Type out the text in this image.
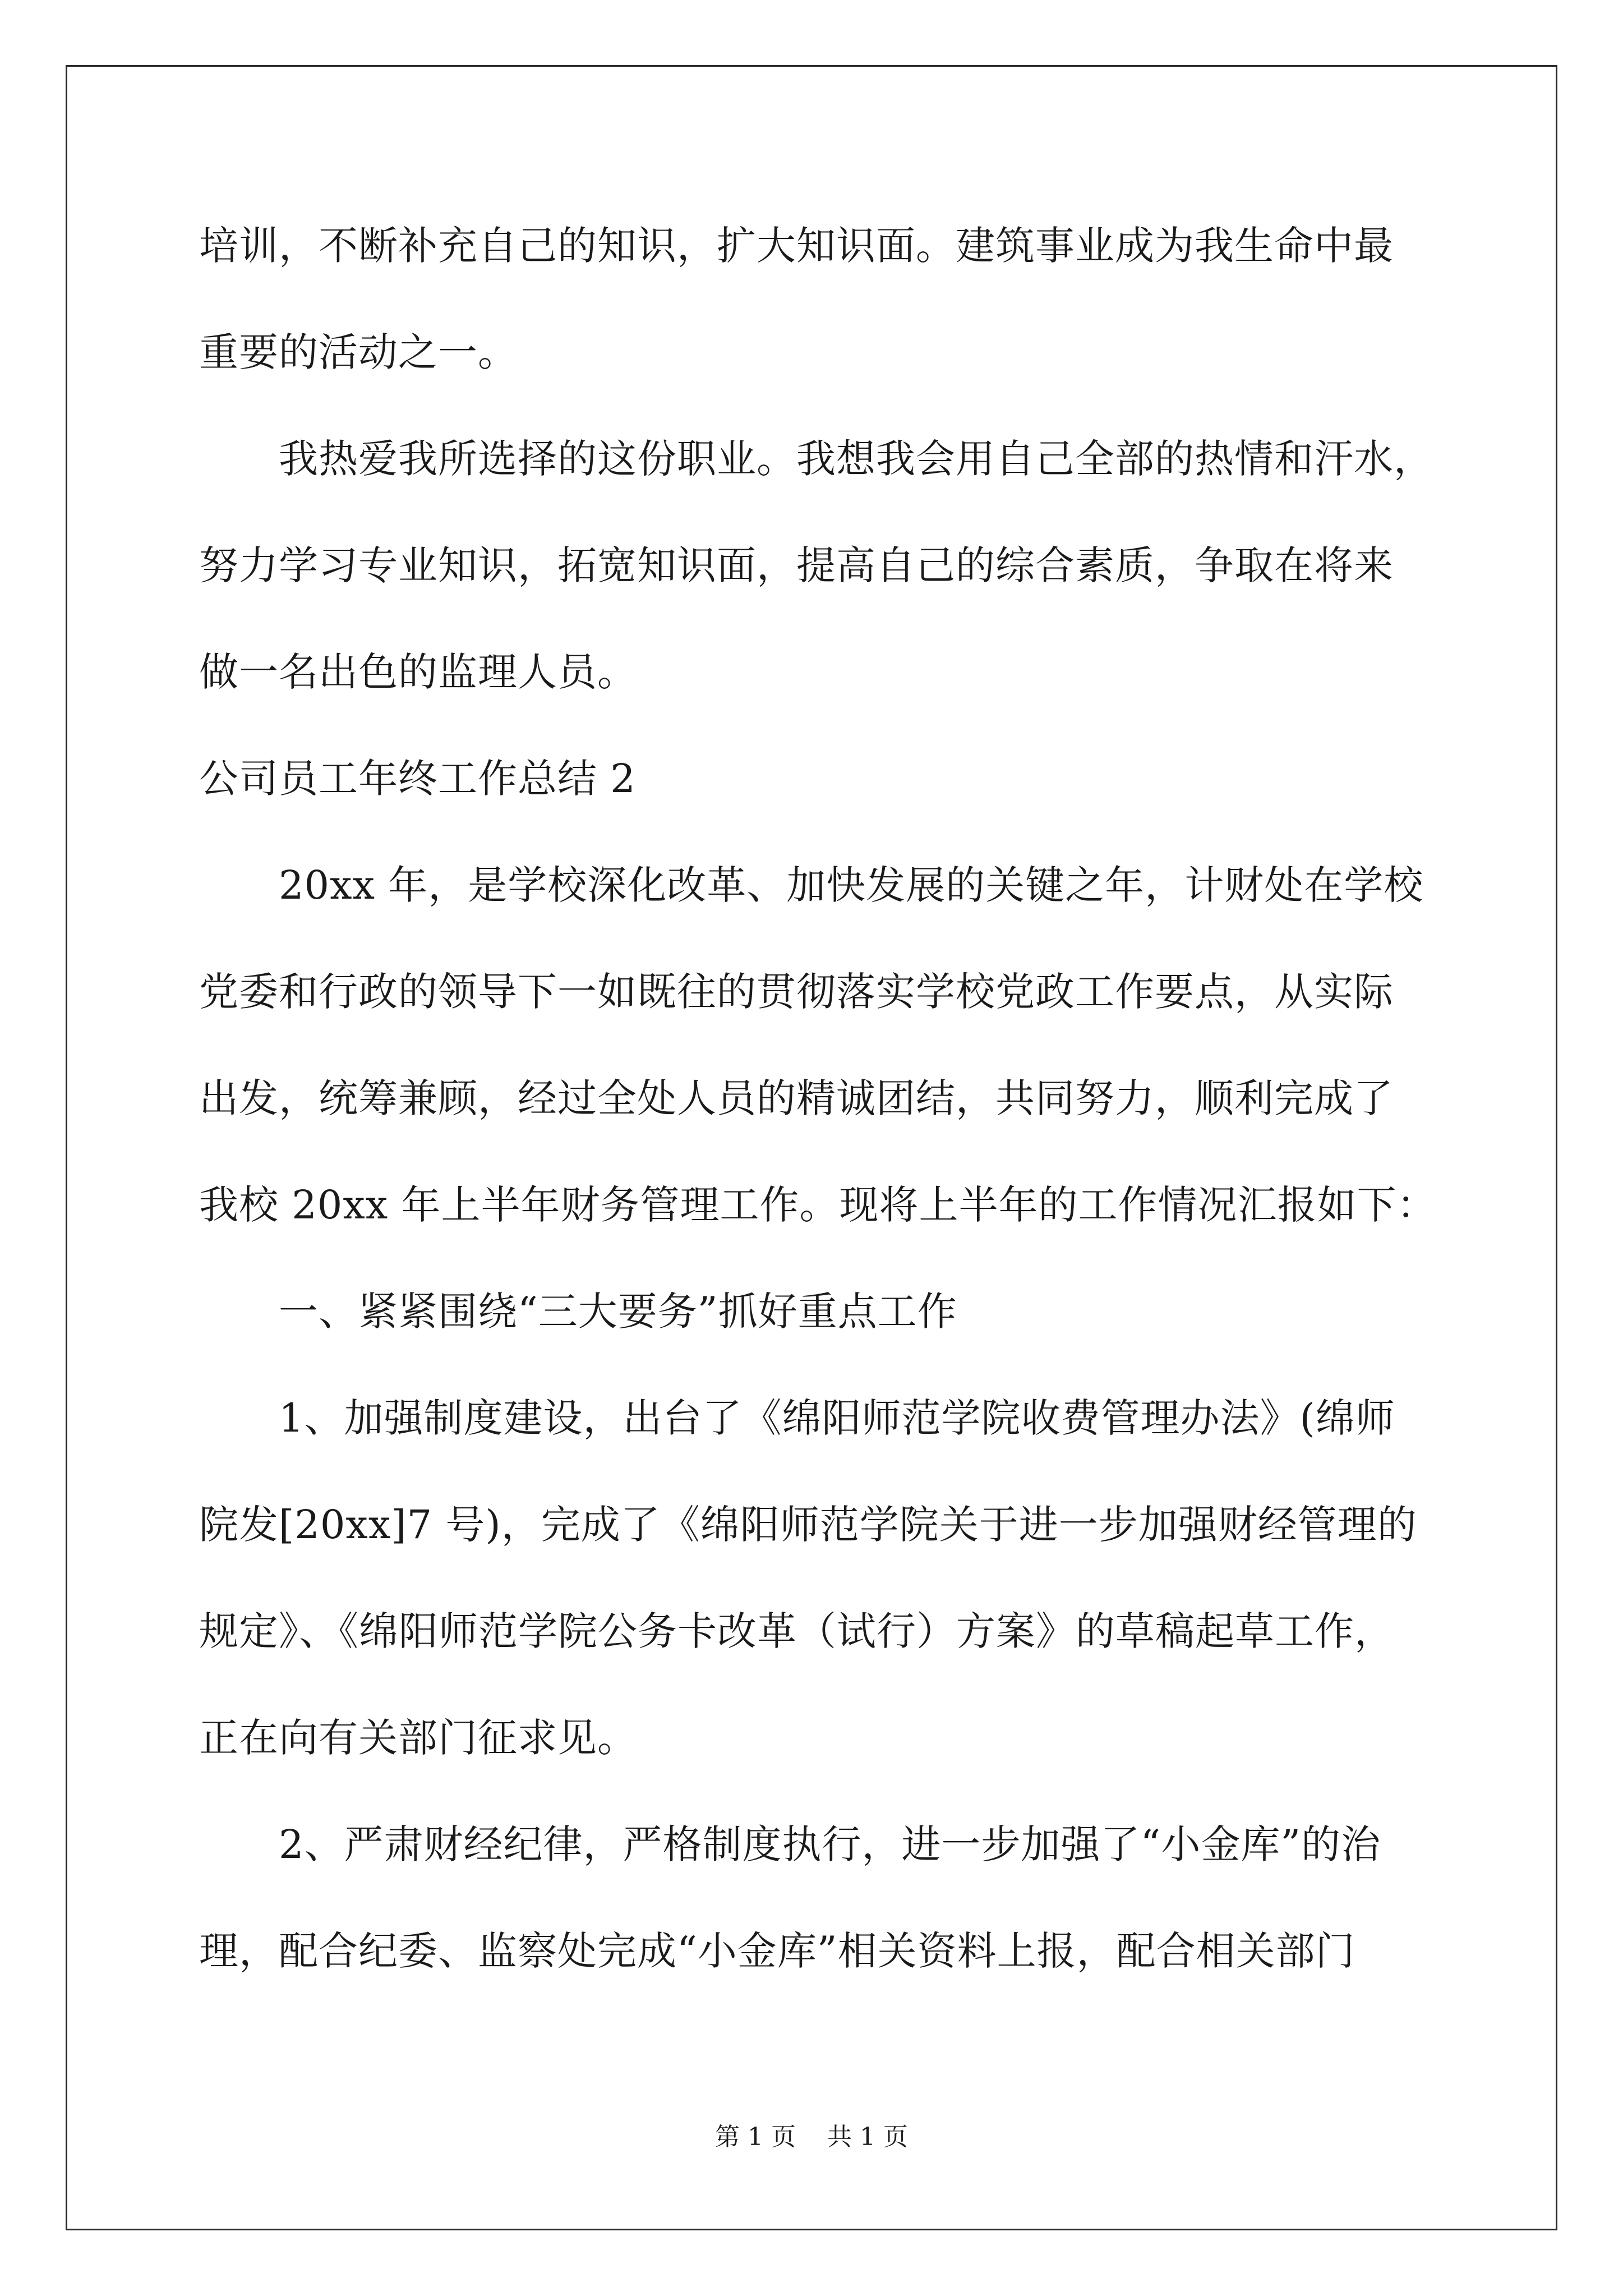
培训，不断补充自己的知识，扩大知识面。建筑事业成为我生命中最
重要的活动之一。
我热爱我所选择的这份职业。我想我会用自己全部的热情和汗水，
努力学习专业知识，拓宽知识面，提高自己的综合素质，争取在将来
做一名出色的监理人员。
公司员工年终工作总结 2
20xx 年，是学校深化改革、加快发展的关键之年，计财处在学校
党委和行政的领导下一如既往的贯彻落实学校党政工作要点，从实际
出发，统筹兼顾，经过全处人员的精诚团结，共同努力，顺利完成了
我校 20xx 年上半年财务管理工作。现将上半年的工作情况汇报如下：
一、紧紧围绕“三大要务”抓好重点工作
1、加强制度建设，出台了《绵阳师范学院收费管理办法》(绵师
院发[20xx]7 号)，完成了《绵阳师范学院关于进一步加强财经管理的
规定》、《绵阳师范学院公务卡改革（试行）方案》的草稿起草工作，
正在向有关部门征求见。
2、严肃财经纪律，严格制度执行，进一步加强了“小金库”的治
理，配合纪委、监察处完成“小金库”相关资料上报，配合相关部门
第 1 页    共 1 页
